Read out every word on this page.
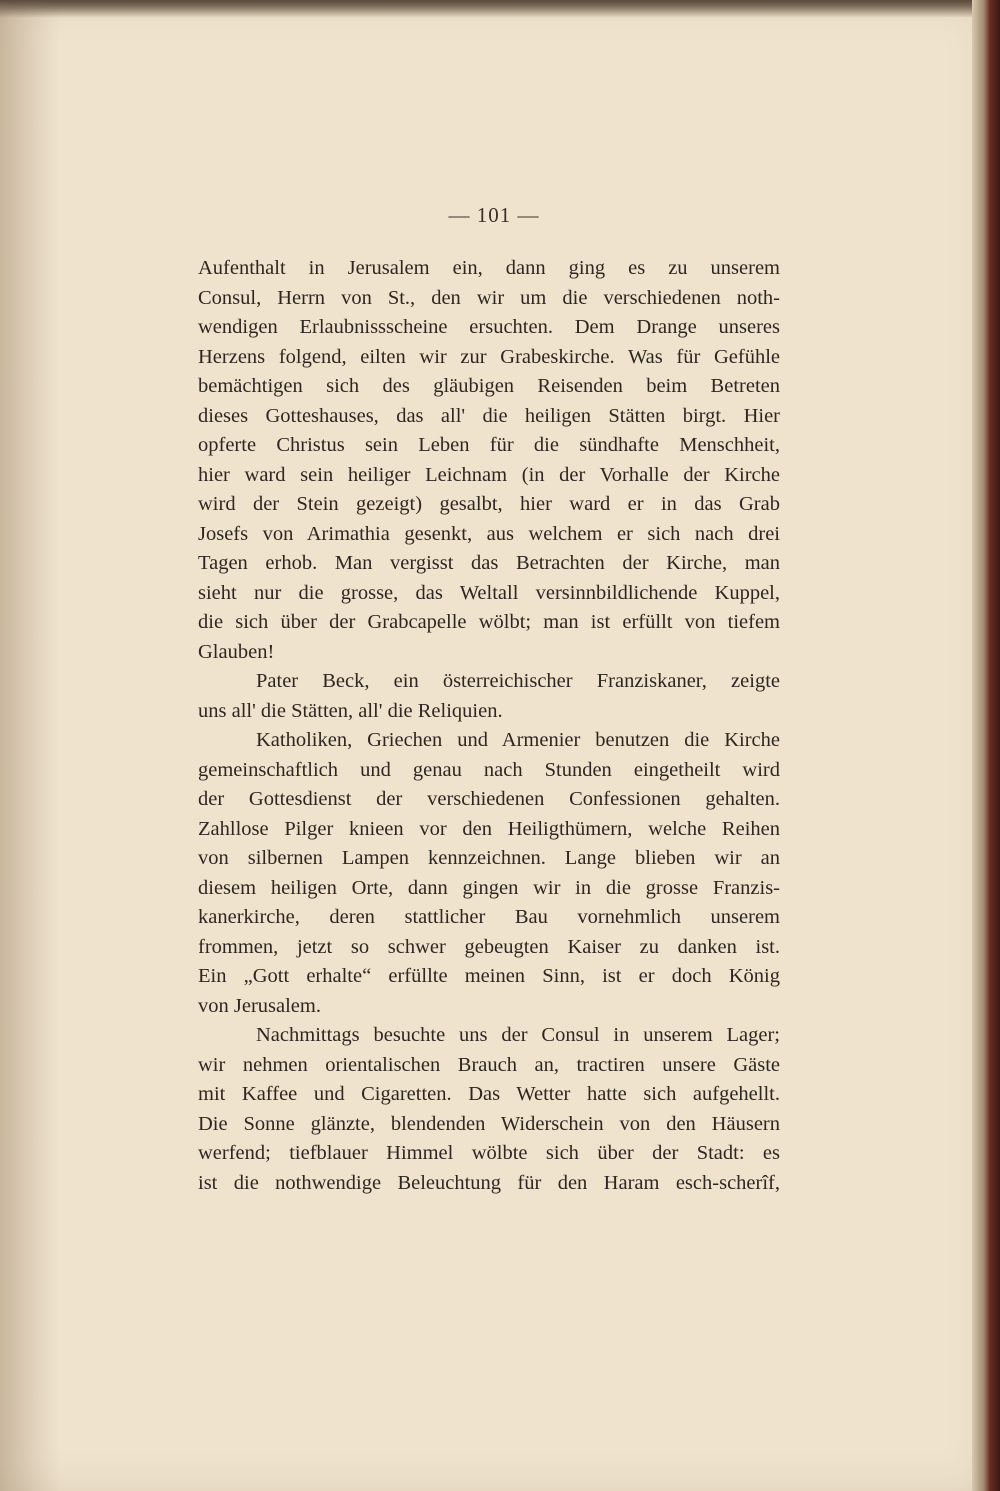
— 101 —
Aufenthalt in Jerusalem ein, dann ging es zu unserem
Consul, Herrn von St., den wir um die verschiedenen noth-
wendigen Erlaubnissscheine ersuchten. Dem Drange unseres
Herzens folgend, eilten wir zur Grabeskirche. Was für Gefühle
bemächtigen sich des gläubigen Reisenden beim Betreten
dieses Gotteshauses, das all' die heiligen Stätten birgt. Hier
opferte Christus sein Leben für die sündhafte Menschheit,
hier ward sein heiliger Leichnam (in der Vorhalle der Kirche
wird der Stein gezeigt) gesalbt, hier ward er in das Grab
Josefs von Arimathia gesenkt, aus welchem er sich nach drei
Tagen erhob. Man vergisst das Betrachten der Kirche, man
sieht nur die grosse, das Weltall versinnbildlichende Kuppel,
die sich über der Grabcapelle wölbt; man ist erfüllt von tiefem
Glauben!
Pater Beck, ein österreichischer Franziskaner, zeigte
uns all' die Stätten, all' die Reliquien.
Katholiken, Griechen und Armenier benutzen die Kirche
gemeinschaftlich und genau nach Stunden eingetheilt wird
der Gottesdienst der verschiedenen Confessionen gehalten.
Zahllose Pilger knieen vor den Heiligthümern, welche Reihen
von silbernen Lampen kennzeichnen. Lange blieben wir an
diesem heiligen Orte, dann gingen wir in die grosse Franzis-
kanerkirche, deren stattlicher Bau vornehmlich unserem
frommen, jetzt so schwer gebeugten Kaiser zu danken ist.
Ein „Gott erhalte“ erfüllte meinen Sinn, ist er doch König
von Jerusalem.
Nachmittags besuchte uns der Consul in unserem Lager;
wir nehmen orientalischen Brauch an, tractiren unsere Gäste
mit Kaffee und Cigaretten. Das Wetter hatte sich aufgehellt.
Die Sonne glänzte, blendenden Widerschein von den Häusern
werfend; tiefblauer Himmel wölbte sich über der Stadt: es
ist die nothwendige Beleuchtung für den Haram esch-scherîf,
